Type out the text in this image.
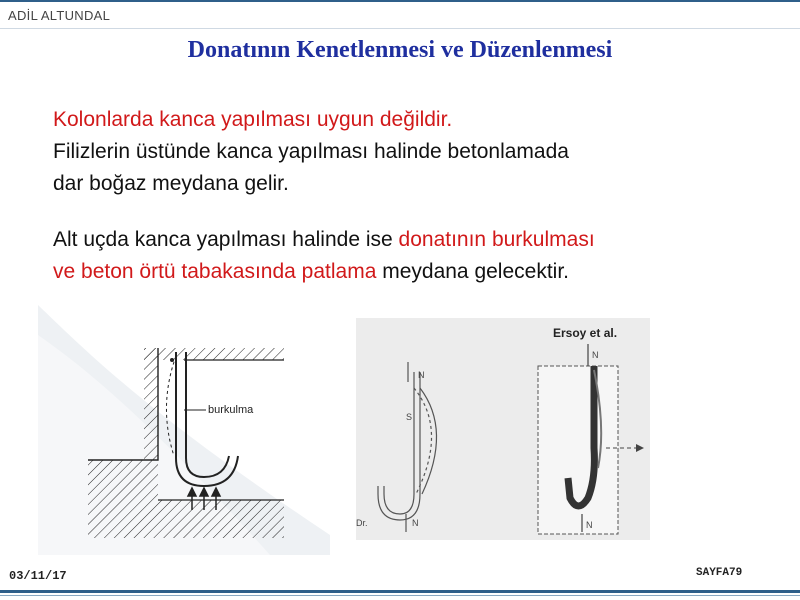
ADİL ALTUNDAL
Donatının Kenetlenmesi ve Düzenlenmesi
Kolonlarda kanca yapılması uygun değildir.
Filizlerin üstünde kanca yapılması halinde betonlamada
dar boğaz meydana gelir.
Alt uçda kanca yapılması halinde ise donatının burkulması
ve beton örtü tabakasında patlama meydana gelecektir.
burkulma
N
S
N
Dr.
N
N
Ersoy et al.
03/11/17	SAYFA79
